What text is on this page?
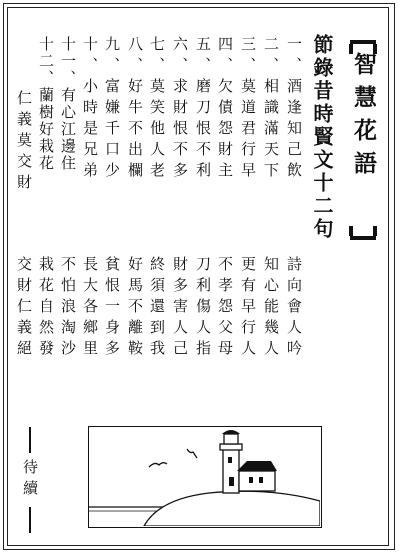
智慧花語
節錄昔時賢文十二句
一、酒逢知己飲
詩向會人吟
二、相識滿天下
知心能幾人
三、莫道君行早
更有早行人
四、欠債怨財主
不孝怨父母
五、磨刀恨不利
刀利傷人指
六、求財恨不多
財多害人己
七、莫笑他人老
終須還到我
八、好牛不出欄
好馬不離鞍
九、富嫌千口少
貧恨一身多
十、小時是兄弟
長大各鄉里
十一、有心江邊住
不怕浪淘沙
十二、蘭樹好栽花
栽花自然發
仁義莫交財
交財仁義絕
待續
